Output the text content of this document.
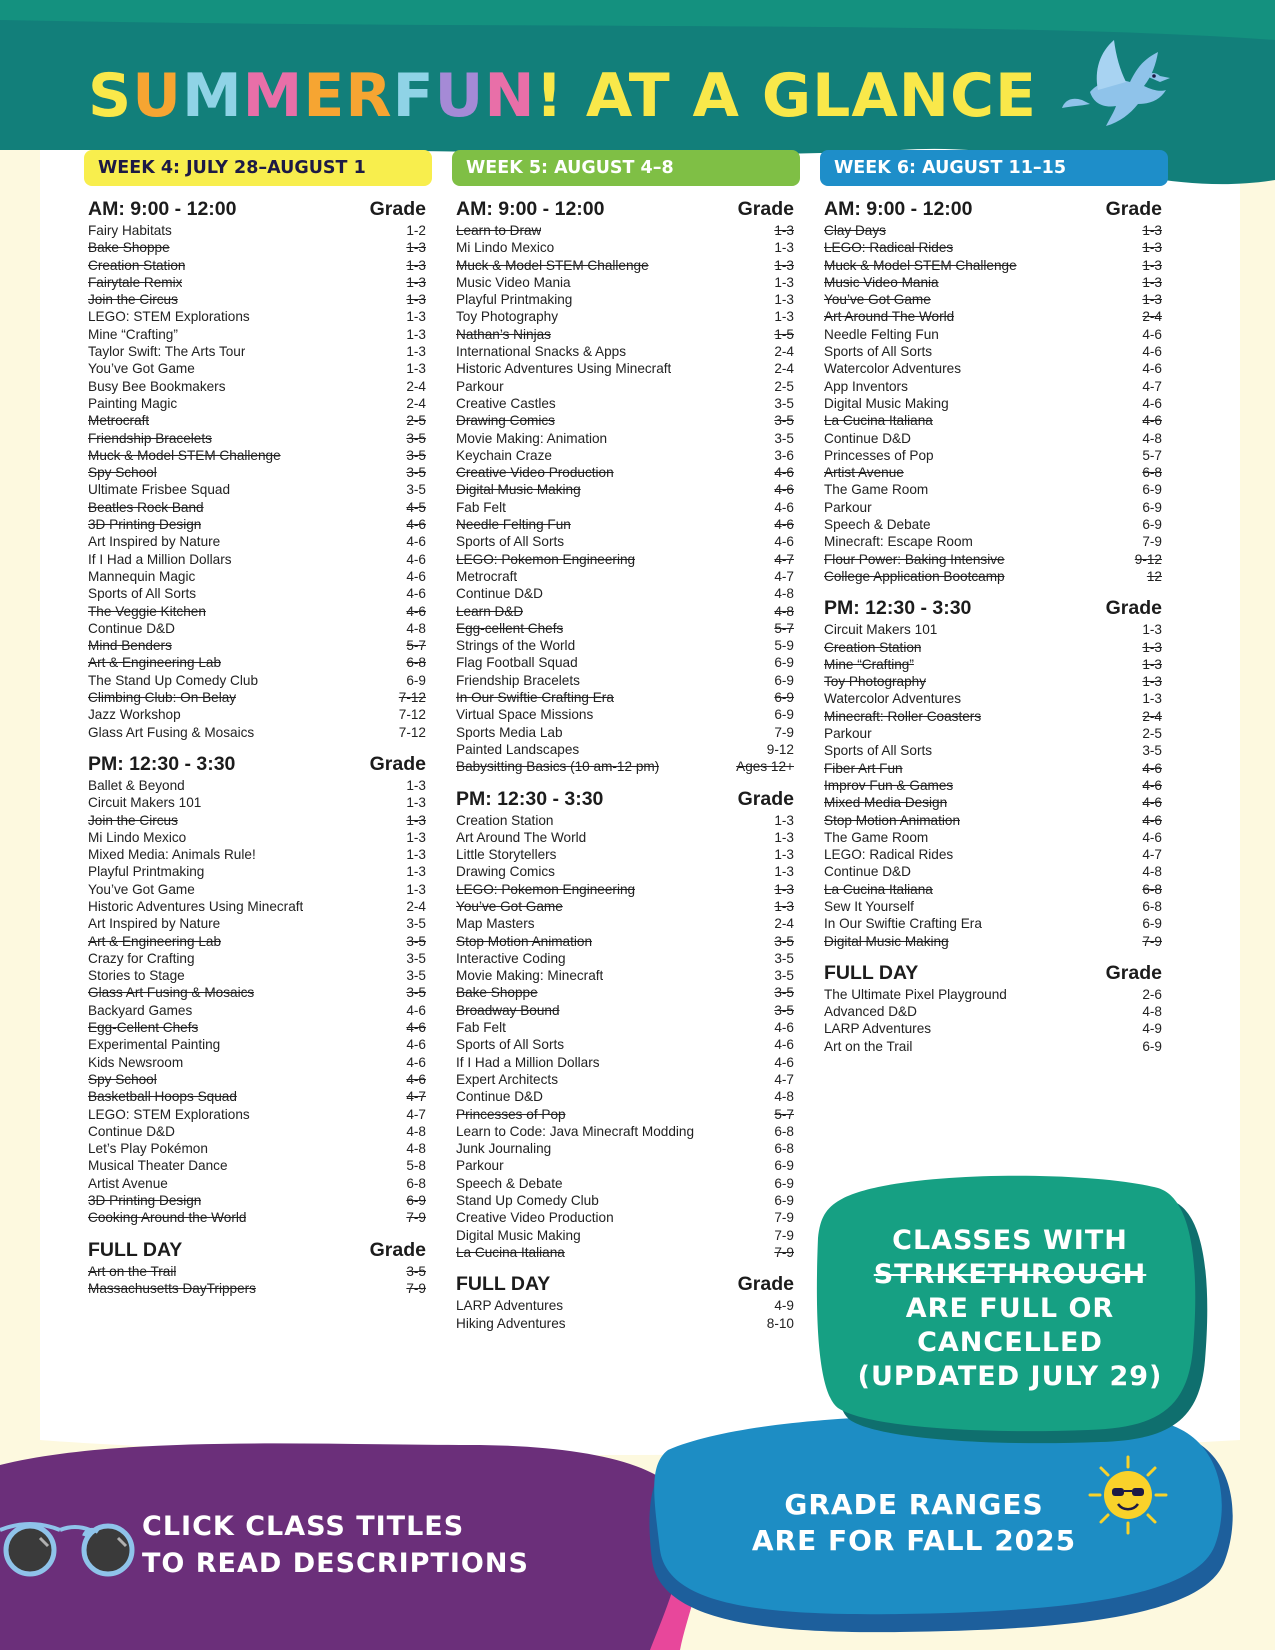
SUMMERFUN! AT A GLANCE
WEEK 4: JULY 28–AUGUST 1
AM: 9:00 - 12:00	Grade
Fairy Habitats	1-2
Bake Shoppe	1-3
Creation Station	1-3
Fairytale Remix	1-3
Join the Circus	1-3
LEGO: STEM Explorations	1-3
Mine “Crafting”	1-3
Taylor Swift: The Arts Tour	1-3
You’ve Got Game	1-3
Busy Bee Bookmakers	2-4
Painting Magic	2-4
Metrocraft	2-5
Friendship Bracelets	3-5
Muck & Model STEM Challenge	3-5
Spy School	3-5
Ultimate Frisbee Squad	3-5
Beatles Rock Band	4-5
3D Printing Design	4-6
Art Inspired by Nature	4-6
If I Had a Million Dollars	4-6
Mannequin Magic	4-6
Sports of All Sorts	4-6
The Veggie Kitchen	4-6
Continue D&D	4-8
Mind Benders	5-7
Art & Engineering Lab	6-8
The Stand Up Comedy Club	6-9
Climbing Club: On Belay	7-12
Jazz Workshop	7-12
Glass Art Fusing & Mosaics	7-12
PM: 12:30 - 3:30	Grade
Ballet & Beyond	1-3
Circuit Makers 101	1-3
Join the Circus	1-3
Mi Lindo Mexico	1-3
Mixed Media: Animals Rule!	1-3
Playful Printmaking	1-3
You’ve Got Game	1-3
Historic Adventures Using Minecraft	2-4
Art Inspired by Nature	3-5
Art & Engineering Lab	3-5
Crazy for Crafting	3-5
Stories to Stage	3-5
Glass Art Fusing & Mosaics	3-5
Backyard Games	4-6
Egg-Cellent Chefs	4-6
Experimental Painting	4-6
Kids Newsroom	4-6
Spy School	4-6
Basketball Hoops Squad	4-7
LEGO: STEM Explorations	4-7
Continue D&D	4-8
Let’s Play Pokémon	4-8
Musical Theater Dance	5-8
Artist Avenue	6-8
3D Printing Design	6-9
Cooking Around the World	7-9
FULL DAY	Grade
Art on the Trail	3-5
Massachusetts DayTrippers	7-9
WEEK 5: AUGUST 4–8
AM: 9:00 - 12:00	Grade
Learn to Draw	1-3
Mi Lindo Mexico	1-3
Muck & Model STEM Challenge	1-3
Music Video Mania	1-3
Playful Printmaking	1-3
Toy Photography	1-3
Nathan’s Ninjas	1-5
International Snacks & Apps	2-4
Historic Adventures Using Minecraft	2-4
Parkour	2-5
Creative Castles	3-5
Drawing Comics	3-5
Movie Making: Animation	3-5
Keychain Craze	3-6
Creative Video Production	4-6
Digital Music Making	4-6
Fab Felt	4-6
Needle Felting Fun	4-6
Sports of All Sorts	4-6
LEGO: Pokemon Engineering	4-7
Metrocraft	4-7
Continue D&D	4-8
Learn D&D	4-8
Egg-cellent Chefs	5-7
Strings of the World	5-9
Flag Football Squad	6-9
Friendship Bracelets	6-9
In Our Swiftie Crafting Era	6-9
Virtual Space Missions	6-9
Sports Media Lab	7-9
Painted Landscapes	9-12
Babysitting Basics (10 am-12 pm)	Ages 12+
PM: 12:30 - 3:30	Grade
Creation Station	1-3
Art Around The World	1-3
Little Storytellers	1-3
Drawing Comics	1-3
LEGO: Pokemon Engineering	1-3
You’ve Got Game	1-3
Map Masters	2-4
Stop Motion Animation	3-5
Interactive Coding	3-5
Movie Making: Minecraft	3-5
Bake Shoppe	3-5
Broadway Bound	3-5
Fab Felt	4-6
Sports of All Sorts	4-6
If I Had a Million Dollars	4-6
Expert Architects	4-7
Continue D&D	4-8
Princesses of Pop	5-7
Learn to Code: Java Minecraft Modding	6-8
Junk Journaling	6-8
Parkour	6-9
Speech & Debate	6-9
Stand Up Comedy Club	6-9
Creative Video Production	7-9
Digital Music Making	7-9
La Cucina Italiana	7-9
FULL DAY	Grade
LARP Adventures	4-9
Hiking Adventures	8-10
WEEK 6: AUGUST 11–15
AM: 9:00 - 12:00	Grade
Clay Days	1-3
LEGO: Radical Rides	1-3
Muck & Model STEM Challenge	1-3
Music Video Mania	1-3
You’ve Got Game	1-3
Art Around The World	2-4
Needle Felting Fun	4-6
Sports of All Sorts	4-6
Watercolor Adventures	4-6
App Inventors	4-7
Digital Music Making	4-6
La Cucina Italiana	4-6
Continue D&D	4-8
Princesses of Pop	5-7
Artist Avenue	6-8
The Game Room	6-9
Parkour	6-9
Speech & Debate	6-9
Minecraft: Escape Room	7-9
Flour Power: Baking Intensive	9-12
College Application Bootcamp	12
PM: 12:30 - 3:30	Grade
Circuit Makers 101	1-3
Creation Station	1-3
Mine “Crafting”	1-3
Toy Photography	1-3
Watercolor Adventures	1-3
Minecraft: Roller Coasters	2-4
Parkour	2-5
Sports of All Sorts	3-5
Fiber Art Fun	4-6
Improv Fun & Games	4-6
Mixed Media Design	4-6
Stop Motion Animation	4-6
The Game Room	4-6
LEGO: Radical Rides	4-7
Continue D&D	4-8
La Cucina Italiana	6-8
Sew It Yourself	6-8
In Our Swiftie Crafting Era	6-9
Digital Music Making	7-9
FULL DAY	Grade
The Ultimate Pixel Playground	2-6
Advanced D&D	4-8
LARP Adventures	4-9
Art on the Trail	6-9
CLASSES WITH
STRIKETHROUGH
ARE FULL OR
CANCELLED
(UPDATED JULY 29)
GRADE RANGES
ARE FOR FALL 2025
CLICK CLASS TITLES
TO READ DESCRIPTIONS
